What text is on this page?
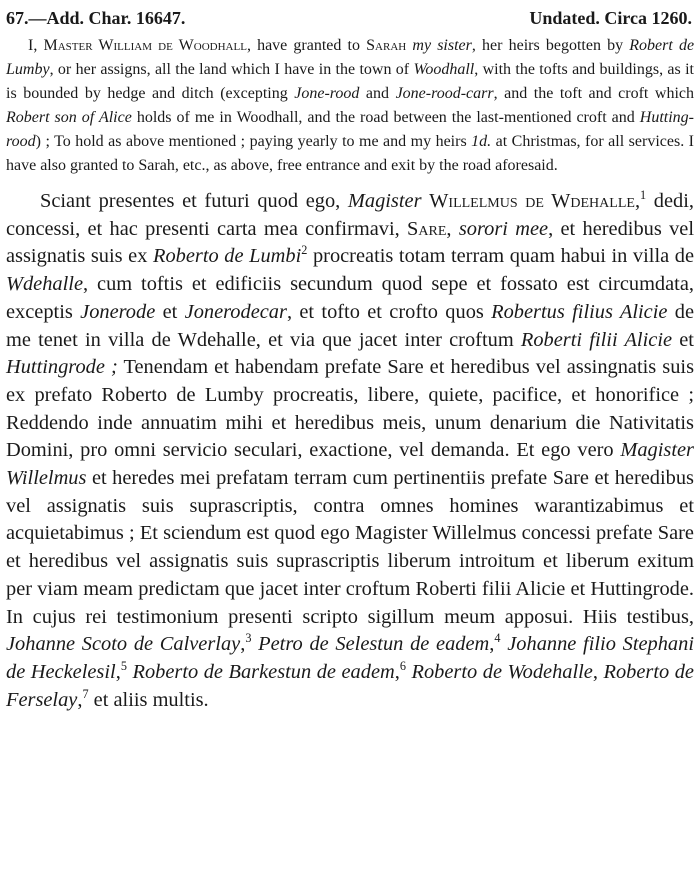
67.—Add. Char. 16647.	Undated. Circa 1260.

I, Master William de Woodhall, have granted to Sarah my sister, her heirs begotten by Robert de Lumby, or her assigns, all the land which I have in the town of Woodhall, with the tofts and buildings, as it is bounded by hedge and ditch (excepting Jone-rood and Jone-rood-carr, and the toft and croft which Robert son of Alice holds of me in Woodhall, and the road between the last-mentioned croft and Hutting-rood) ; To hold as above mentioned ; paying yearly to me and my heirs 1d. at Christmas, for all services. I have also granted to Sarah, etc., as above, free entrance and exit by the road aforesaid.

Sciant presentes et futuri quod ego, Magister Willelmus de Wdehalle,$^1$ dedi, concessi, et hac presenti carta mea confirmavi, Sare, sorori mee, et heredibus vel assignatis suis ex Roberto de Lumbi$^2$ procreatis totam terram quam habui in villa de Wdehalle, cum toftis et edificiis secundum quod sepe et fossato est circumdata, exceptis Jonerode et Jonerodecar, et tofto et crofto quos Robertus filius Alicie de me tenet in villa de Wdehalle, et via que jacet inter croftum Roberti filii Alicie et Huttingrode ; Tenendam et habendam prefate Sare et heredibus vel assingnatis suis ex prefato Roberto de Lumby procreatis, libere, quiete, pacifice, et honorifice ; Reddendo inde annuatim mihi et heredibus meis, unum denarium die Nativitatis Domini, pro omni servicio seculari, exactione, vel demanda. Et ego vero Magister Willelmus et heredes mei prefatam terram cum pertinentiis prefate Sare et heredibus vel assignatis suis suprascriptis, contra omnes homines warantizabimus et acquietabimus ; Et sciendum est quod ego Magister Willelmus concessi prefate Sare et heredibus vel assignatis suis suprascriptis liberum introitum et liberum exitum per viam meam predictam que jacet inter croftum Roberti filii Alicie et Huttingrode. In cujus rei testimonium presenti scripto sigillum meum apposui. Hiis testibus, Johanne Scoto de Calverlay,$^3$ Petro de Selestun de eadem,$^4$ Johanne filio Stephani de Heckelesil,$^5$ Roberto de Barkestun de eadem,$^6$ Roberto de Wodehalle, Roberto de Ferselay,$^7$ et aliis multis.
